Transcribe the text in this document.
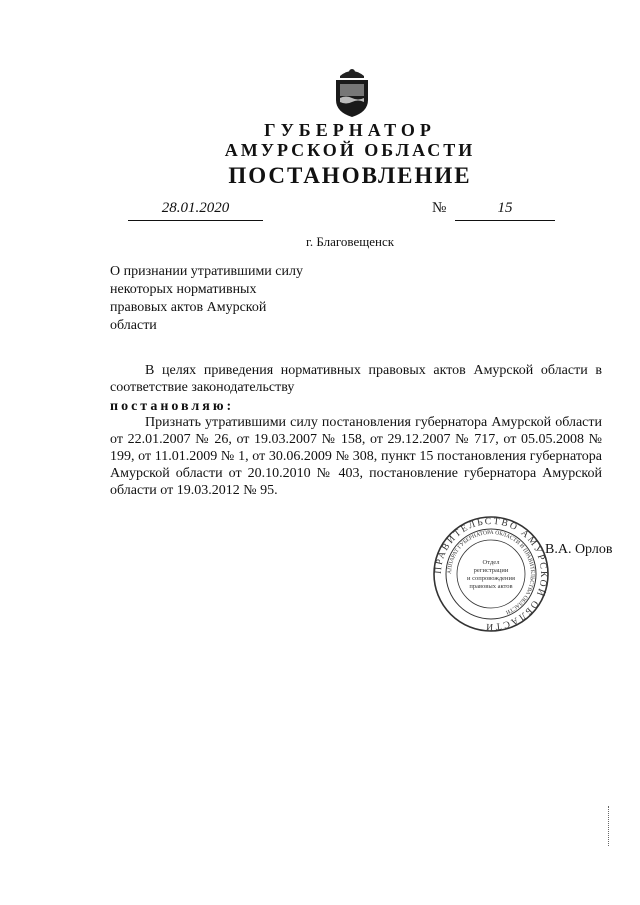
ГУБЕРНАТОР
АМУРСКОЙ ОБЛАСТИ
ПОСТАНОВЛЕНИЕ
28.01.2020	№	15
г. Благовещенск
О признании утратившими силу некоторых нормативных правовых актов Амурской области
В целях приведения нормативных правовых актов Амурской области в соответствие законодательству
постановляю:
Признать утратившими силу постановления губернатора Амурской области от 22.01.2007 № 26, от 19.03.2007 № 158, от 29.12.2007 № 717, от 05.05.2008 № 199, от 11.01.2009 № 1, от 30.06.2009 № 308, пункт 15 постановления губернатора Амурской области от 20.10.2010 № 403, постановление губернатора Амурской области от 19.03.2012 № 95.
ПРАВИТЕЛЬСТВО АМУРСКОЙ ОБЛАСТИ
АППАРАТ ГУБЕРНАТОРА ОБЛАСТИ И ПРАВИТЕЛЬСТВА ОБЛАСТИ
Отдел
регистрации
и сопровождения
правовых актов
В.А. Орлов
